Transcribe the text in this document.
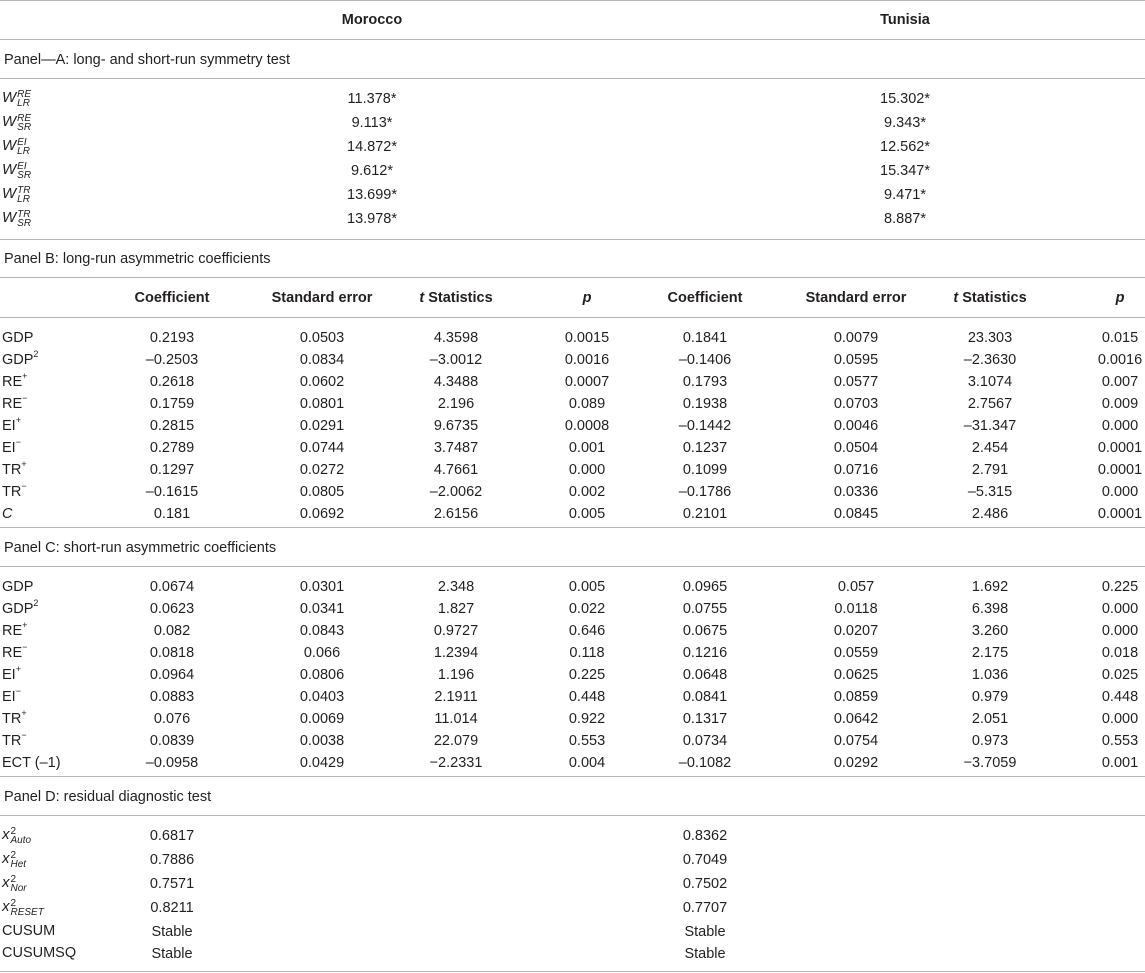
Morocco	Tunisia
Panel—A: long- and short-run symmetry test
W RE
LR	11.378*	15.302*
W RE
SR	9.113*	9.343*
W EI
LR	14.872*	12.562*
W EI
SR	9.612*	15.347*
W TR
LR	13.699*	9.471*
W TR
SR	13.978*	8.887*
Panel B: long-run asymmetric coefficients
Coefficient	Standard error	t Statistics	p	Coefficient	Standard error	t Statistics	p
GDP	0.2193	0.0503	4.3598	0.0015	0.1841	0.0079	23.303	0.015
GDP$^2$	–0.2503	0.0834	–3.0012	0.0016	–0.1406	0.0595	–2.3630	0.0016
RE+	0.2618	0.0602	4.3488	0.0007	0.1793	0.0577	3.1074	0.007
RE−	0.1759	0.0801	2.196	0.089	0.1938	0.0703	2.7567	0.009
EI+	0.2815	0.0291	9.6735	0.0008	–0.1442	0.0046	–31.347	0.000
EI−	0.2789	0.0744	3.7487	0.001	0.1237	0.0504	2.454	0.0001
TR+	0.1297	0.0272	4.7661	0.000	0.1099	0.0716	2.791	0.0001
TR−	–0.1615	0.0805	–2.0062	0.002	–0.1786	0.0336	–5.315	0.000
C	0.181	0.0692	2.6156	0.005	0.2101	0.0845	2.486	0.0001
Panel C: short-run asymmetric coefficients
GDP	0.0674	0.0301	2.348	0.005	0.0965	0.057	1.692	0.225
GDP$^2$	0.0623	0.0341	1.827	0.022	0.0755	0.0118	6.398	0.000
RE+	0.082	0.0843	0.9727	0.646	0.0675	0.0207	3.260	0.000
RE−	0.0818	0.066	1.2394	0.118	0.1216	0.0559	2.175	0.018
EI+	0.0964	0.0806	1.196	0.225	0.0648	0.0625	1.036	0.025
EI−	0.0883	0.0403	2.1911	0.448	0.0841	0.0859	0.979	0.448
TR+	0.076	0.0069	11.014	0.922	0.1317	0.0642	2.051	0.000
TR−	0.0839	0.0038	22.079	0.553	0.0734	0.0754	0.973	0.553
ECT (–1)	–0.0958	0.0429	−2.2331	0.004	–0.1082	0.0292	−3.7059	0.001
Panel D: residual diagnostic test
x 2
Auto	0.6817	0.8362
x 2
Het	0.7886	0.7049
x 2
Nor	0.7571	0.7502
x 2
RESET	0.8211	0.7707
CUSUM	Stable	Stable
CUSUMSQ	Stable	Stable
